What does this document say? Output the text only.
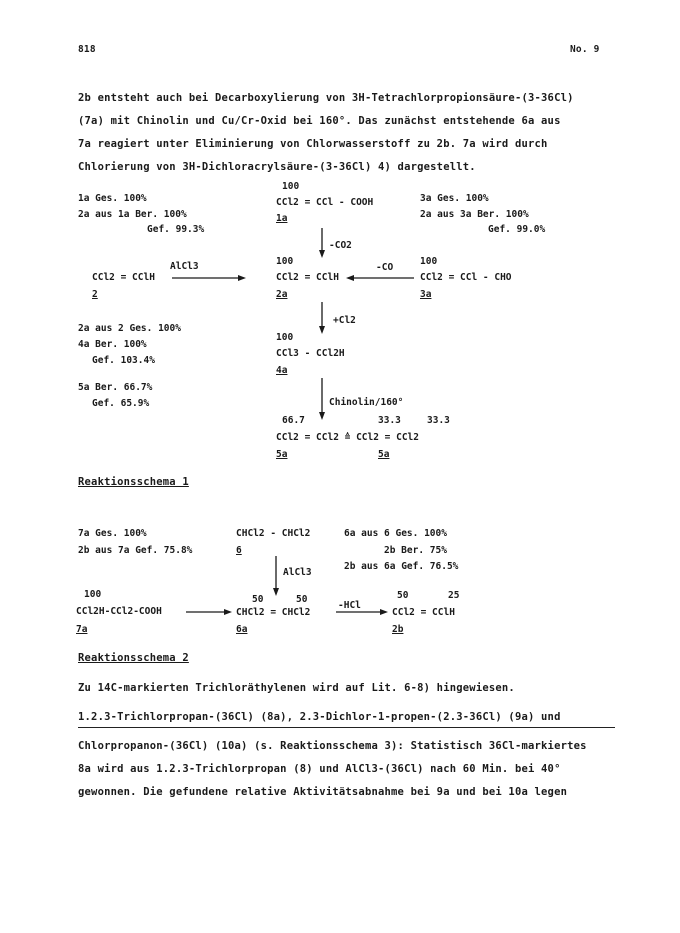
818	No. 9
2b entsteht auch bei Decarboxylierung von 3H-Tetrachlorpropionsäure-(3-36Cl)
(7a) mit Chinolin und Cu/Cr-Oxid bei 160°. Das zunächst entstehende 6a aus
7a reagiert unter Eliminierung von Chlorwasserstoff zu 2b. 7a wird durch
Chlorierung von 3H-Dichloracrylsäure-(3-36Cl) 4) dargestellt.
1a Ges. 100%
2a aus 1a Ber. 100%
Gef. 99.3%
3a Ges. 100%
2a aus 3a Ber. 100%
Gef. 99.0%
100
CCl2 = CCl - COOH
1a
-CO2
AlCl3
CCl2 = CClH
2
100
CCl2 = CClH
2a
-CO
100
CCl2 = CCl - CHO
3a
+Cl2
2a aus 2 Ges. 100%
4a Ber. 100%
Gef. 103.4%
5a Ber. 66.7%
Gef. 65.9%
100
CCl3 - CCl2H
4a
Chinolin/160°
66.7	33.3	33.3
CCl2 = CCl2 ≙ CCl2 = CCl2
5a	5a
Reaktionsschema 1
7a Ges. 100%
2b aus 7a Gef. 75.8%
CHCl2 - CHCl2
6
6a aus 6 Ges. 100%
2b Ber. 75%
2b aus 6a Gef. 76.5%
AlCl3
100	50	50	50	25
CCl2H-CCl2-COOH
7a
CHCl2 = CHCl2
6a
-HCl
CCl2 = CClH
2b
Reaktionsschema 2
Zu 14C-markierten Trichloräthylenen wird auf Lit. 6-8) hingewiesen.
1.2.3-Trichlorpropan-(36Cl) (8a), 2.3-Dichlor-1-propen-(2.3-36Cl) (9a) und
Chlorpropanon-(36Cl) (10a) (s. Reaktionsschema 3): Statistisch 36Cl-markiertes
8a wird aus 1.2.3-Trichlorpropan (8) und AlCl3-(36Cl) nach 60 Min. bei 40°
gewonnen. Die gefundene relative Aktivitätsabnahme bei 9a und bei 10a legen
